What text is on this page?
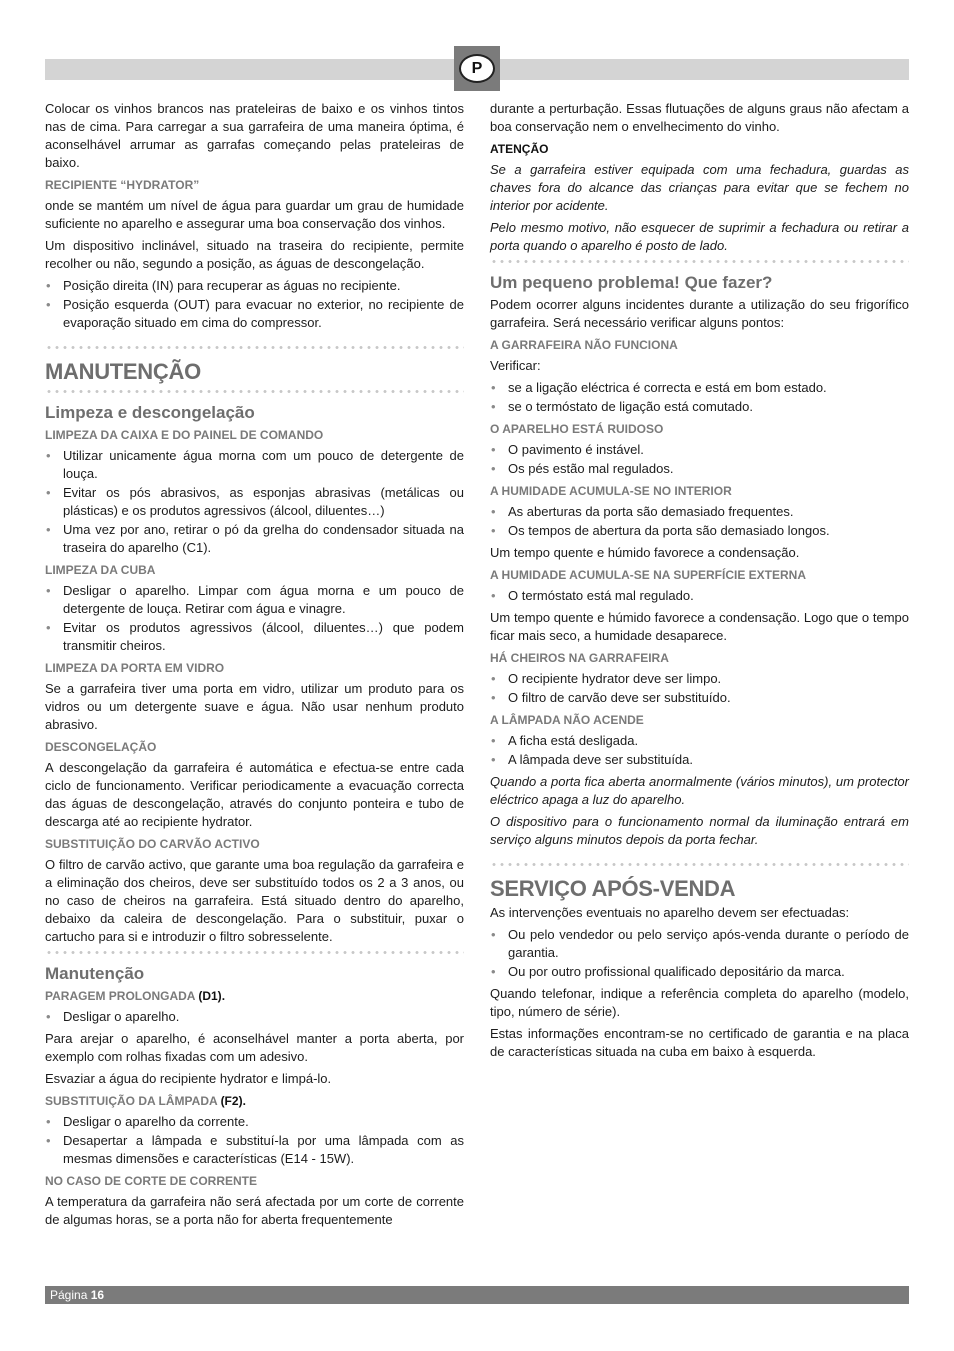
P

Colocar os vinhos brancos nas prateleiras de baixo e os vinhos tintos nas de cima. Para carregar a sua garrafeira de uma maneira óptima, é aconselhável arrumar as garrafas começando pelas prateleiras de baixo.

RECIPIENTE “HYDRATOR”

onde se mantém um nível de água para guardar um grau de humidade suficiente no aparelho e assegurar uma boa conservação dos vinhos.

Um dispositivo inclinável, situado na traseira do recipiente, permite recolher ou não, segundo a posição, as águas de descongelação.

• Posição direita (IN) para recuperar as águas no recipiente.
• Posição esquerda (OUT) para evacuar no exterior, no recipiente de evaporação situado em cima do compressor.
MANUTENÇÃO
Limpeza e descongelação
LIMPEZA DA CAIXA E DO PAINEL DE COMANDO
• Utilizar unicamente água morna com um pouco de detergente de louça.
• Evitar os pós abrasivos, as esponjas abrasivas (metálicas ou plásticas) e os produtos agressivos (álcool, diluentes…)
• Uma vez por ano, retirar o pó da grelha do condensador situada na traseira do aparelho (C1).
LIMPEZA DA CUBA
• Desligar o aparelho. Limpar com água morna e um pouco de detergente de louça. Retirar com água e vinagre.
• Evitar os produtos agressivos (álcool, diluentes…) que podem transmitir cheiros.
LIMPEZA DA PORTA EM VIDRO

Se a garrafeira tiver uma porta em vidro, utilizar um produto para os vidros ou um detergente suave e água. Não usar nenhum produto abrasivo.

DESCONGELAÇÃO

A descongelação da garrafeira é automática e efectua-se entre cada ciclo de funcionamento. Verificar periodicamente a evacuação correcta das águas de descongelação, através do conjunto ponteira e tubo de descarga até ao recipiente hydrator.

SUBSTITUIÇÃO DO CARVÃO ACTIVO

O filtro de carvão activo, que garante uma boa regulação da garrafeira e a eliminação dos cheiros, deve ser substituído todos os 2 a 3 anos, ou no caso de cheiros na garrafeira. Está situado dentro do aparelho, debaixo da caleira de descongelação. Para o substituir, puxar o cartucho para si e introduzir o filtro sobresselente.

Manutenção
PARAGEM PROLONGADA (D1).
• Desligar o aparelho.

Para arejar o aparelho, é aconselhável manter a porta aberta, por exemplo com rolhas fixadas com um adesivo.

Esvaziar a água do recipiente hydrator e limpá-lo.

SUBSTITUIÇÃO DA LÂMPADA (F2).
• Desligar o aparelho da corrente.
• Desapertar a lâmpada e substituí-la por uma lâmpada com as mesmas dimensões e características (E14 - 15W).
NO CASO DE CORTE DE CORRENTE

A temperatura da garrafeira não será afectada por um corte de corrente de algumas horas, se a porta não for aberta frequentemente

durante a perturbação. Essas flutuações de alguns graus não afectam a boa conservação nem o envelhecimento do vinho.

ATENÇÃO

Se a garrafeira estiver equipada com uma fechadura, guardas as chaves fora do alcance das crianças para evitar que se fechem no interior por acidente.

Pelo mesmo motivo, não esquecer de suprimir a fechadura ou retirar a porta quando o aparelho é posto de lado.

Um pequeno problema! Que fazer?

Podem ocorrer alguns incidentes durante a utilização do seu frigorífico garrafeira. Será necessário verificar alguns pontos:

A GARRAFEIRA NÃO FUNCIONA

Verificar:

• se a ligação eléctrica é correcta e está em bom estado.
• se o termóstato de ligação está comutado.
O APARELHO ESTÁ RUIDOSO
• O pavimento é instável.
• Os pés estão mal regulados.
A HUMIDADE ACUMULA-SE NO INTERIOR
• As aberturas da porta são demasiado frequentes.
• Os tempos de abertura da porta são demasiado longos.

Um tempo quente e húmido favorece a condensação.

A HUMIDADE ACUMULA-SE NA SUPERFÍCIE EXTERNA
• O termóstato está mal regulado.

Um tempo quente e húmido favorece a condensação. Logo que o tempo ficar mais seco, a humidade desaparece.

HÁ CHEIROS NA GARRAFEIRA
• O recipiente hydrator deve ser limpo.
• O filtro de carvão deve ser substituído.
A LÂMPADA NÃO ACENDE
• A ficha está desligada.
• A lâmpada deve ser substituída.

Quando a porta fica aberta anormalmente (vários minutos), um protector eléctrico apaga a luz do aparelho.

O dispositivo para o funcionamento normal da iluminação entrará em serviço alguns minutos depois da porta fechar.

SERVIÇO APÓS-VENDA

As intervenções eventuais no aparelho devem ser efectuadas:

• Ou pelo vendedor ou pelo serviço após-venda durante o período de garantia.
• Ou por outro profissional qualificado depositário da marca.

Quando telefonar, indique a referência completa do aparelho (modelo, tipo, número de série).

Estas informações encontram-se no certificado de garantia e na placa de características situada na cuba em baixo à esquerda.

Página 16
